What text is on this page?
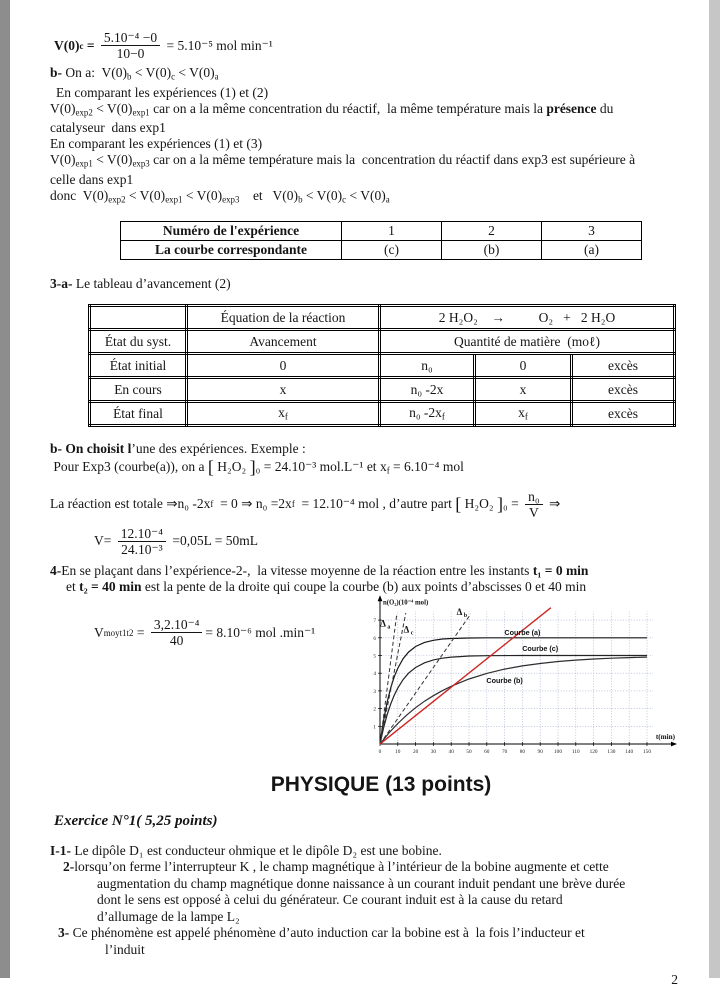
V(0) $c = \frac{\text{5.10⁻⁴ −0}}{10-0} = 5.10^{-5}$ mol min⁻¹

b- On a:  V(0)b < V(0)c < V(0)a

En comparant les expériences (1) et (2)

V(0)exp2 < V(0)exp1 car on a la même concentration du réactif,  la même température mais la présence du

catalyseur  dans exp1

En comparant les expériences (1) et (3)

V(0)exp1 < V(0)exp3 car on a la même température mais la  concentration du réactif dans exp3 est supérieure à

celle dans exp1

donc  V(0)exp2 < V(0)exp1 < V(0)exp3    et   V(0)b < V(0)c < V(0)a

Numéro de l'expérience	1	2	3
La courbe correspondante	(c)	(b)	(a)

3-a- Le tableau d’avancement (2)

	Équation de la réaction	2 H₂O₂    →          O₂   +   2 H₂O		
État du syst.	Avancement	Quantité de matière  (moℓ)		
État initial	0	n₀	0	excès
En cours	x	n₀ -2x	x	excès
État final	xf	n₀ -2xf	xf	excès

b- On choisit l’une des expériences. Exemple :

Pour Exp3 (courbe(a)), on a [ H₂O₂ ]₀ = 24.10⁻³ mol.L⁻¹ et xf = 6.10⁻⁴ mol

La réaction est totale ⇒n₀ -2x f = 0 ⇒ n₀ =2x f = 12.10⁻⁴ mol , d’autre part [ H₂O₂ ] $_0 = \frac{\text{n₀}}{V}$ ⇒
$V= \frac{\text{12.10⁻⁴}}{\text{24.10⁻³}} =0,05L = 50mL$

4-En se plaçant dans l’expérience-2-,  la vitesse moyenne de la réaction entre les instants t₁ = 0 min

et t₂ = 40 min est la pente de la droite qui coupe la courbe (b) aux points d’abscisses 0 et 40 min

V moyt1t2 = $\frac{\text{3,2.10⁻⁴}}{40} = 8.10^{-6}$ mol .min⁻¹
PHYSIQUE (13 points)
Exercice N°1( 5,25 points)

I-1- Le dipôle D₁ est conducteur ohmique et le dipôle D₂ est une bobine.

2-lorsqu’on ferme l’interrupteur K , le champ magnétique à l’intérieur de la bobine augmente et cette

augmentation du champ magnétique donne naissance à un courant induit pendant une brève durée

dont le sens est opposé à celui du générateur. Ce courant induit est à la cause du retard

d’allumage de la lampe L₂

3- Ce phénomène est appelé phénomène d’auto induction car la bobine est à  la fois l’inducteur et

l’induit

2

0	10 20 30 40 50 60 70 80 90 100 110 120 130 140 150
1
2
3
4
5
6
7 Δ $_a$ Δ $_c$
Δ $_b$
Courbe (a)
Courbe (c)
Courbe (b)
n(O₂)(10⁻⁴ mol)
t(min)
